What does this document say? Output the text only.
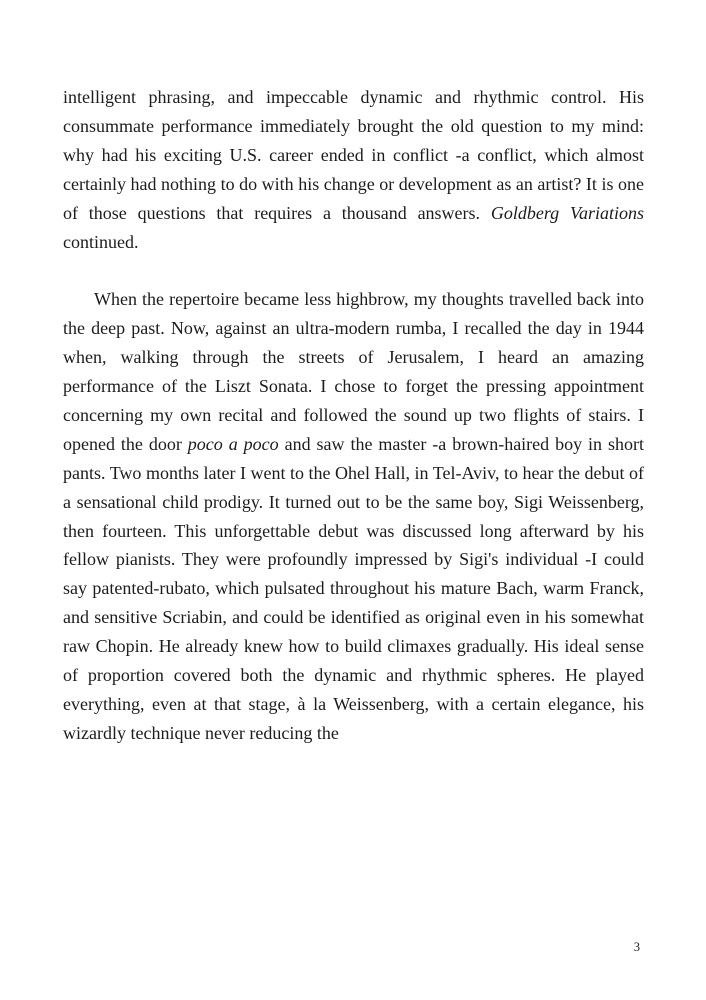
intelligent phrasing, and impeccable dynamic and rhythmic control. His consummate performance immediately brought the old question to my mind: why had his exciting U.S. career ended in conflict -a conflict, which almost certainly had nothing to do with his change or development as an artist? It is one of those questions that requires a thousand answers. Goldberg Variations continued.

When the repertoire became less highbrow, my thoughts travelled back into the deep past. Now, against an ultra-modern rumba, I recalled the day in 1944 when, walking through the streets of Jerusalem, I heard an amazing performance of the Liszt Sonata. I chose to forget the pressing appointment concerning my own recital and followed the sound up two flights of stairs. I opened the door poco a poco and saw the master -a brown-haired boy in short pants. Two months later I went to the Ohel Hall, in Tel-Aviv, to hear the debut of a sensational child prodigy. It turned out to be the same boy, Sigi Weissenberg, then fourteen. This unforgettable debut was discussed long afterward by his fellow pianists. They were profoundly impressed by Sigi's individual -I could say patented-rubato, which pulsated throughout his mature Bach, warm Franck, and sensitive Scriabin, and could be identified as original even in his somewhat raw Chopin. He already knew how to build climaxes gradually. His ideal sense of proportion covered both the dynamic and rhythmic spheres. He played everything, even at that stage, à la Weissenberg, with a certain elegance, his wizardly technique never reducing the

3
